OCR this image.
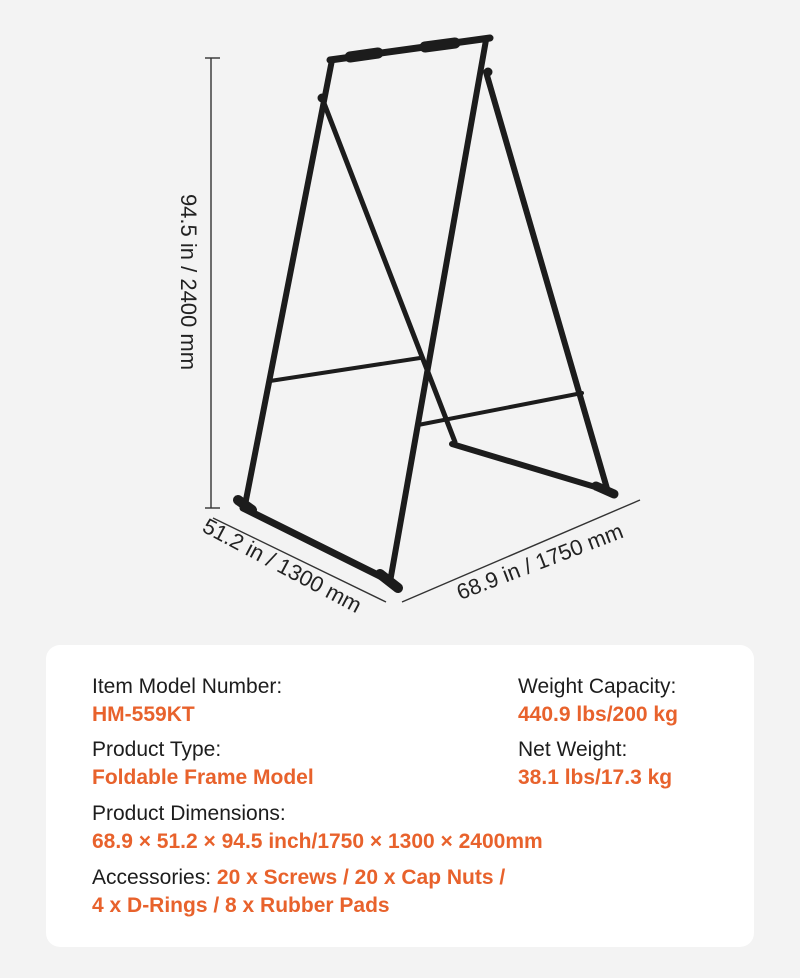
94.5 in / 2400 mm
51.2 in / 1300 mm	68.9 in / 1750 mm
Item Model Number:
HM-559KT
Weight Capacity:
440.9 lbs/200 kg
Product Type:
Foldable Frame Model
Net Weight:
38.1 lbs/17.3 kg
Product Dimensions:
68.9 × 51.2 × 94.5 inch/1750 × 1300 × 2400mm
Accessories: 20 x Screws / 20 x Cap Nuts /
4 x D-Rings / 8 x Rubber Pads
